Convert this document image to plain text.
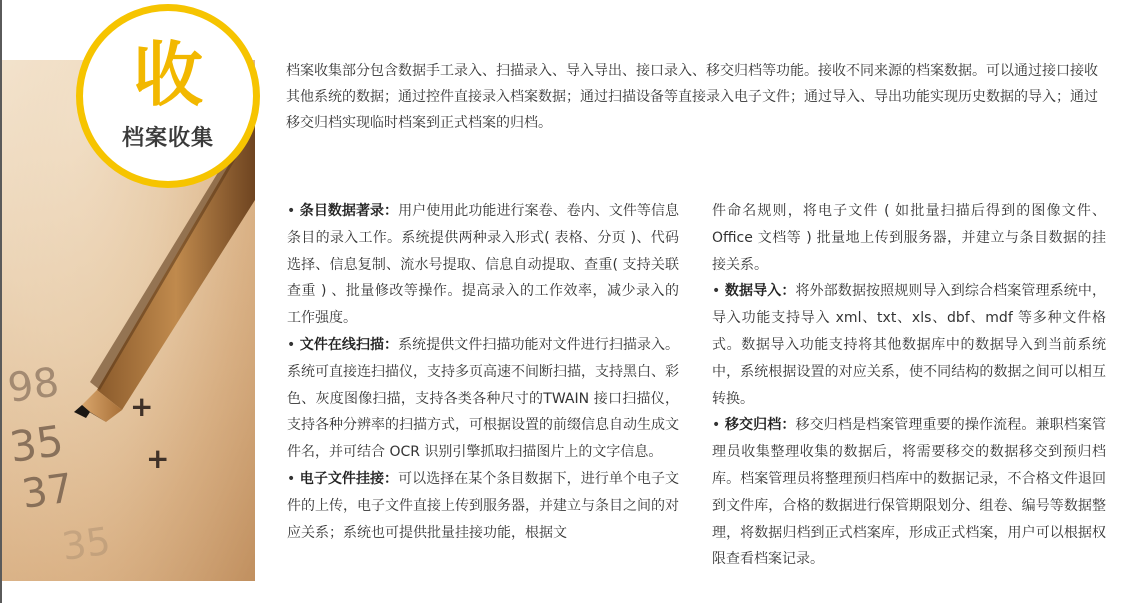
98
35
37
35
+
+
收
档案收集

档案收集部分包含数据手工录入、扫描录入、导入导出、接口录入、移交归档等功能。接收不同来源的档案数据。可以通过接口接收其他系统的数据；通过控件直接录入档案数据；通过扫描设备等直接录入电子文件；通过导入、导出功能实现历史数据的导入；通过移交归档实现临时档案到正式档案的归档。

• 条目数据著录：用户使用此功能进行案卷、卷内、文件等信息条目的录入工作。系统提供两种录入形式( 表格、分页 )、代码选择、信息复制、流水号提取、信息自动提取、查重( 支持关联查重 ) 、批量修改等操作。提高录入的工作效率，减少录入的工作强度。
• 文件在线扫描：系统提供文件扫描功能对文件进行扫描录入。系统可直接连扫描仪，支持多页高速不间断扫描，支持黑白、彩色、灰度图像扫描，支持各类各种尺寸的TWAIN 接口扫描仪，支持各种分辨率的扫描方式，可根据设置的前缀信息自动生成文件名，并可结合 OCR 识别引擎抓取扫描图片上的文字信息。
• 电子文件挂接：可以选择在某个条目数据下，进行单个电子文件的上传，电子文件直接上传到服务器，并建立与条目之间的对应关系；系统也可提供批量挂接功能，根据文
件命名规则，将电子文件 ( 如批量扫描后得到的图像文件、Office 文档等 ) 批量地上传到服务器，并建立与条目数据的挂接关系。
• 数据导入：将外部数据按照规则导入到综合档案管理系统中，导入功能支持导入 xml、txt、xls、dbf、mdf 等多种文件格式。数据导入功能支持将其他数据库中的数据导入到当前系统中，系统根据设置的对应关系，使不同结构的数据之间可以相互转换。
• 移交归档：移交归档是档案管理重要的操作流程。兼职档案管理员收集整理收集的数据后，将需要移交的数据移交到预归档库。档案管理员将整理预归档库中的数据记录，不合格文件退回到文件库，合格的数据进行保管期限划分、组卷、编号等数据整理，将数据归档到正式档案库，形成正式档案，用户可以根据权限查看档案记录。
